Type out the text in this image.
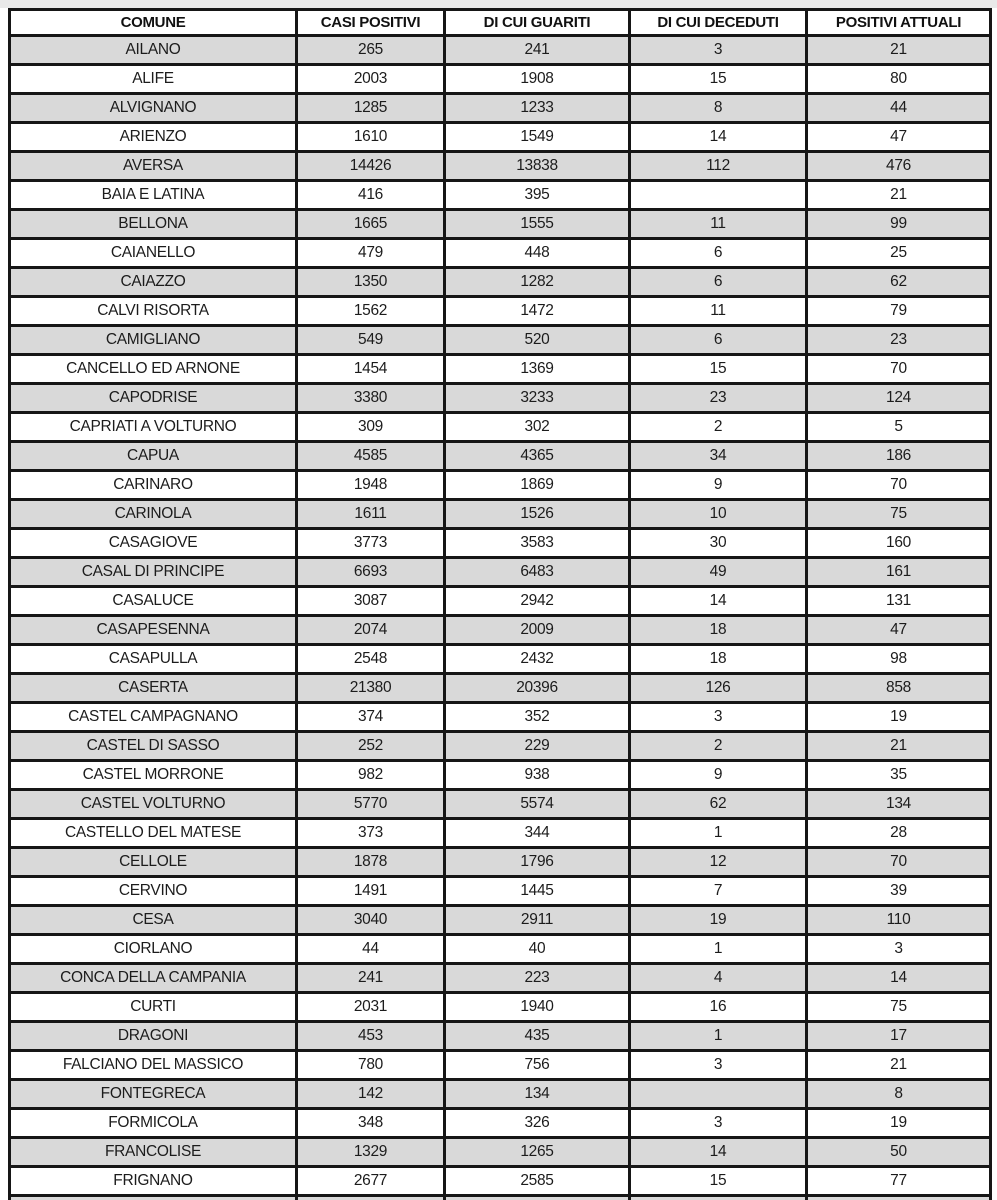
COMUNE	CASI POSITIVI	DI CUI GUARITI	DI CUI DECEDUTI	POSITIVI ATTUALI
AILANO	265	241	3	21
ALIFE	2003	1908	15	80
ALVIGNANO	1285	1233	8	44
ARIENZO	1610	1549	14	47
AVERSA	14426	13838	112	476
BAIA E LATINA	416	395		21
BELLONA	1665	1555	11	99
CAIANELLO	479	448	6	25
CAIAZZO	1350	1282	6	62
CALVI RISORTA	1562	1472	11	79
CAMIGLIANO	549	520	6	23
CANCELLO ED ARNONE	1454	1369	15	70
CAPODRISE	3380	3233	23	124
CAPRIATI A VOLTURNO	309	302	2	5
CAPUA	4585	4365	34	186
CARINARO	1948	1869	9	70
CARINOLA	1611	1526	10	75
CASAGIOVE	3773	3583	30	160
CASAL DI PRINCIPE	6693	6483	49	161
CASALUCE	3087	2942	14	131
CASAPESENNA	2074	2009	18	47
CASAPULLA	2548	2432	18	98
CASERTA	21380	20396	126	858
CASTEL CAMPAGNANO	374	352	3	19
CASTEL DI SASSO	252	229	2	21
CASTEL MORRONE	982	938	9	35
CASTEL VOLTURNO	5770	5574	62	134
CASTELLO DEL MATESE	373	344	1	28
CELLOLE	1878	1796	12	70
CERVINO	1491	1445	7	39
CESA	3040	2911	19	110
CIORLANO	44	40	1	3
CONCA DELLA CAMPANIA	241	223	4	14
CURTI	2031	1940	16	75
DRAGONI	453	435	1	17
FALCIANO DEL MASSICO	780	756	3	21
FONTEGRECA	142	134		8
FORMICOLA	348	326	3	19
FRANCOLISE	1329	1265	14	50
FRIGNANO	2677	2585	15	77
